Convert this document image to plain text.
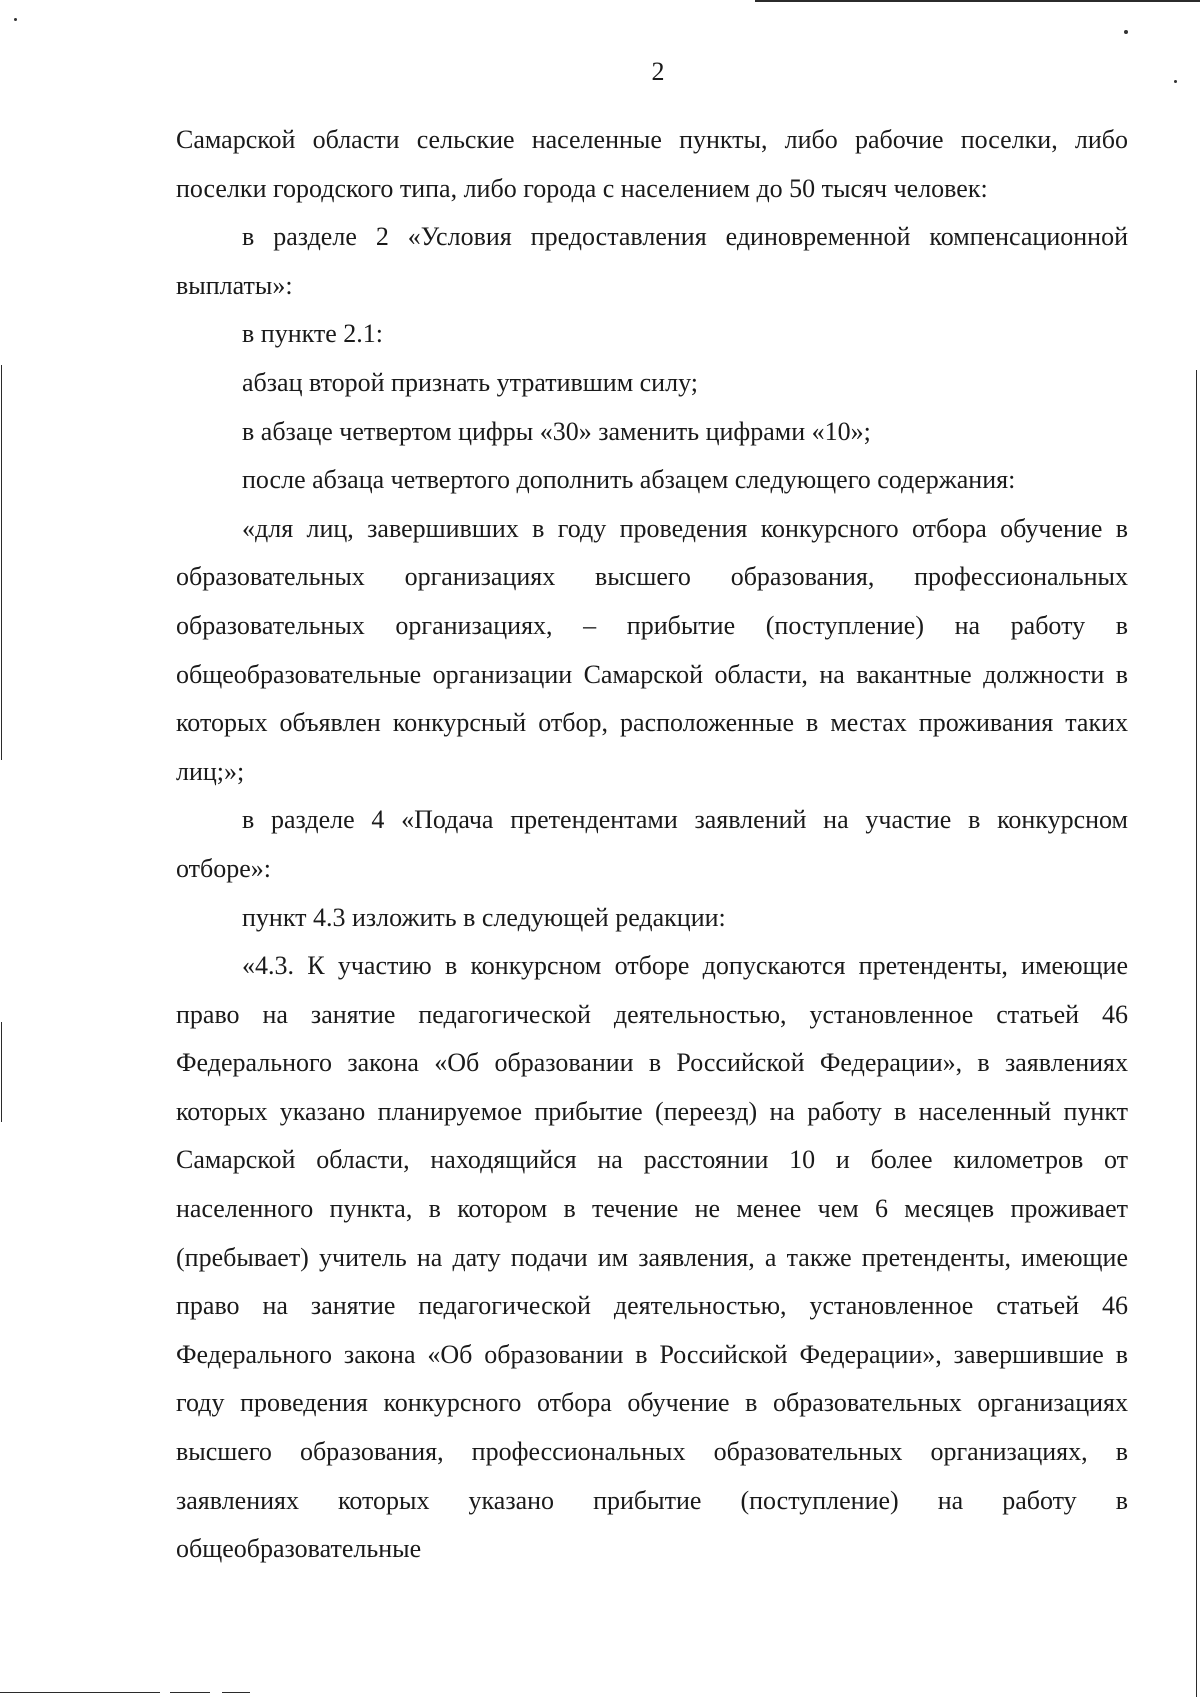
2

Самарской области сельские населенные пункты, либо рабочие поселки, либо поселки городского типа, либо города с населением до 50 тысяч человек:

в разделе 2 «Условия предоставления единовременной компенсационной выплаты»:

в пункте 2.1:

абзац второй признать утратившим силу;

в абзаце четвертом цифры «30» заменить цифрами «10»;

после абзаца четвертого дополнить абзацем следующего содержания:

«для лиц, завершивших в году проведения конкурсного отбора обучение в образовательных организациях высшего образования, профессиональных образовательных организациях, – прибытие (поступление) на работу в общеобразовательные организации Самарской области, на вакантные должности в которых объявлен конкурсный отбор, расположенные в местах проживания таких лиц;»;

в разделе 4 «Подача претендентами заявлений на участие в конкурсном отборе»:

пункт 4.3 изложить в следующей редакции:

«4.3. К участию в конкурсном отборе допускаются претенденты, имеющие право на занятие педагогической деятельностью, установленное статьей 46 Федерального закона «Об образовании в Российской Федерации», в заявлениях которых указано планируемое прибытие (переезд) на работу в населенный пункт Самарской области, находящийся на расстоянии 10 и более километров от населенного пункта, в котором в течение не менее чем 6 месяцев проживает (пребывает) учитель на дату подачи им заявления, а также претенденты, имеющие право на занятие педагогической деятельностью, установленное статьей 46 Федерального закона «Об образовании в Российской Федерации», завершившие в году проведения конкурсного отбора обучение в образовательных организациях высшего образования, профессиональных образовательных организациях, в заявлениях которых указано прибытие (поступление) на работу в общеобразовательные
